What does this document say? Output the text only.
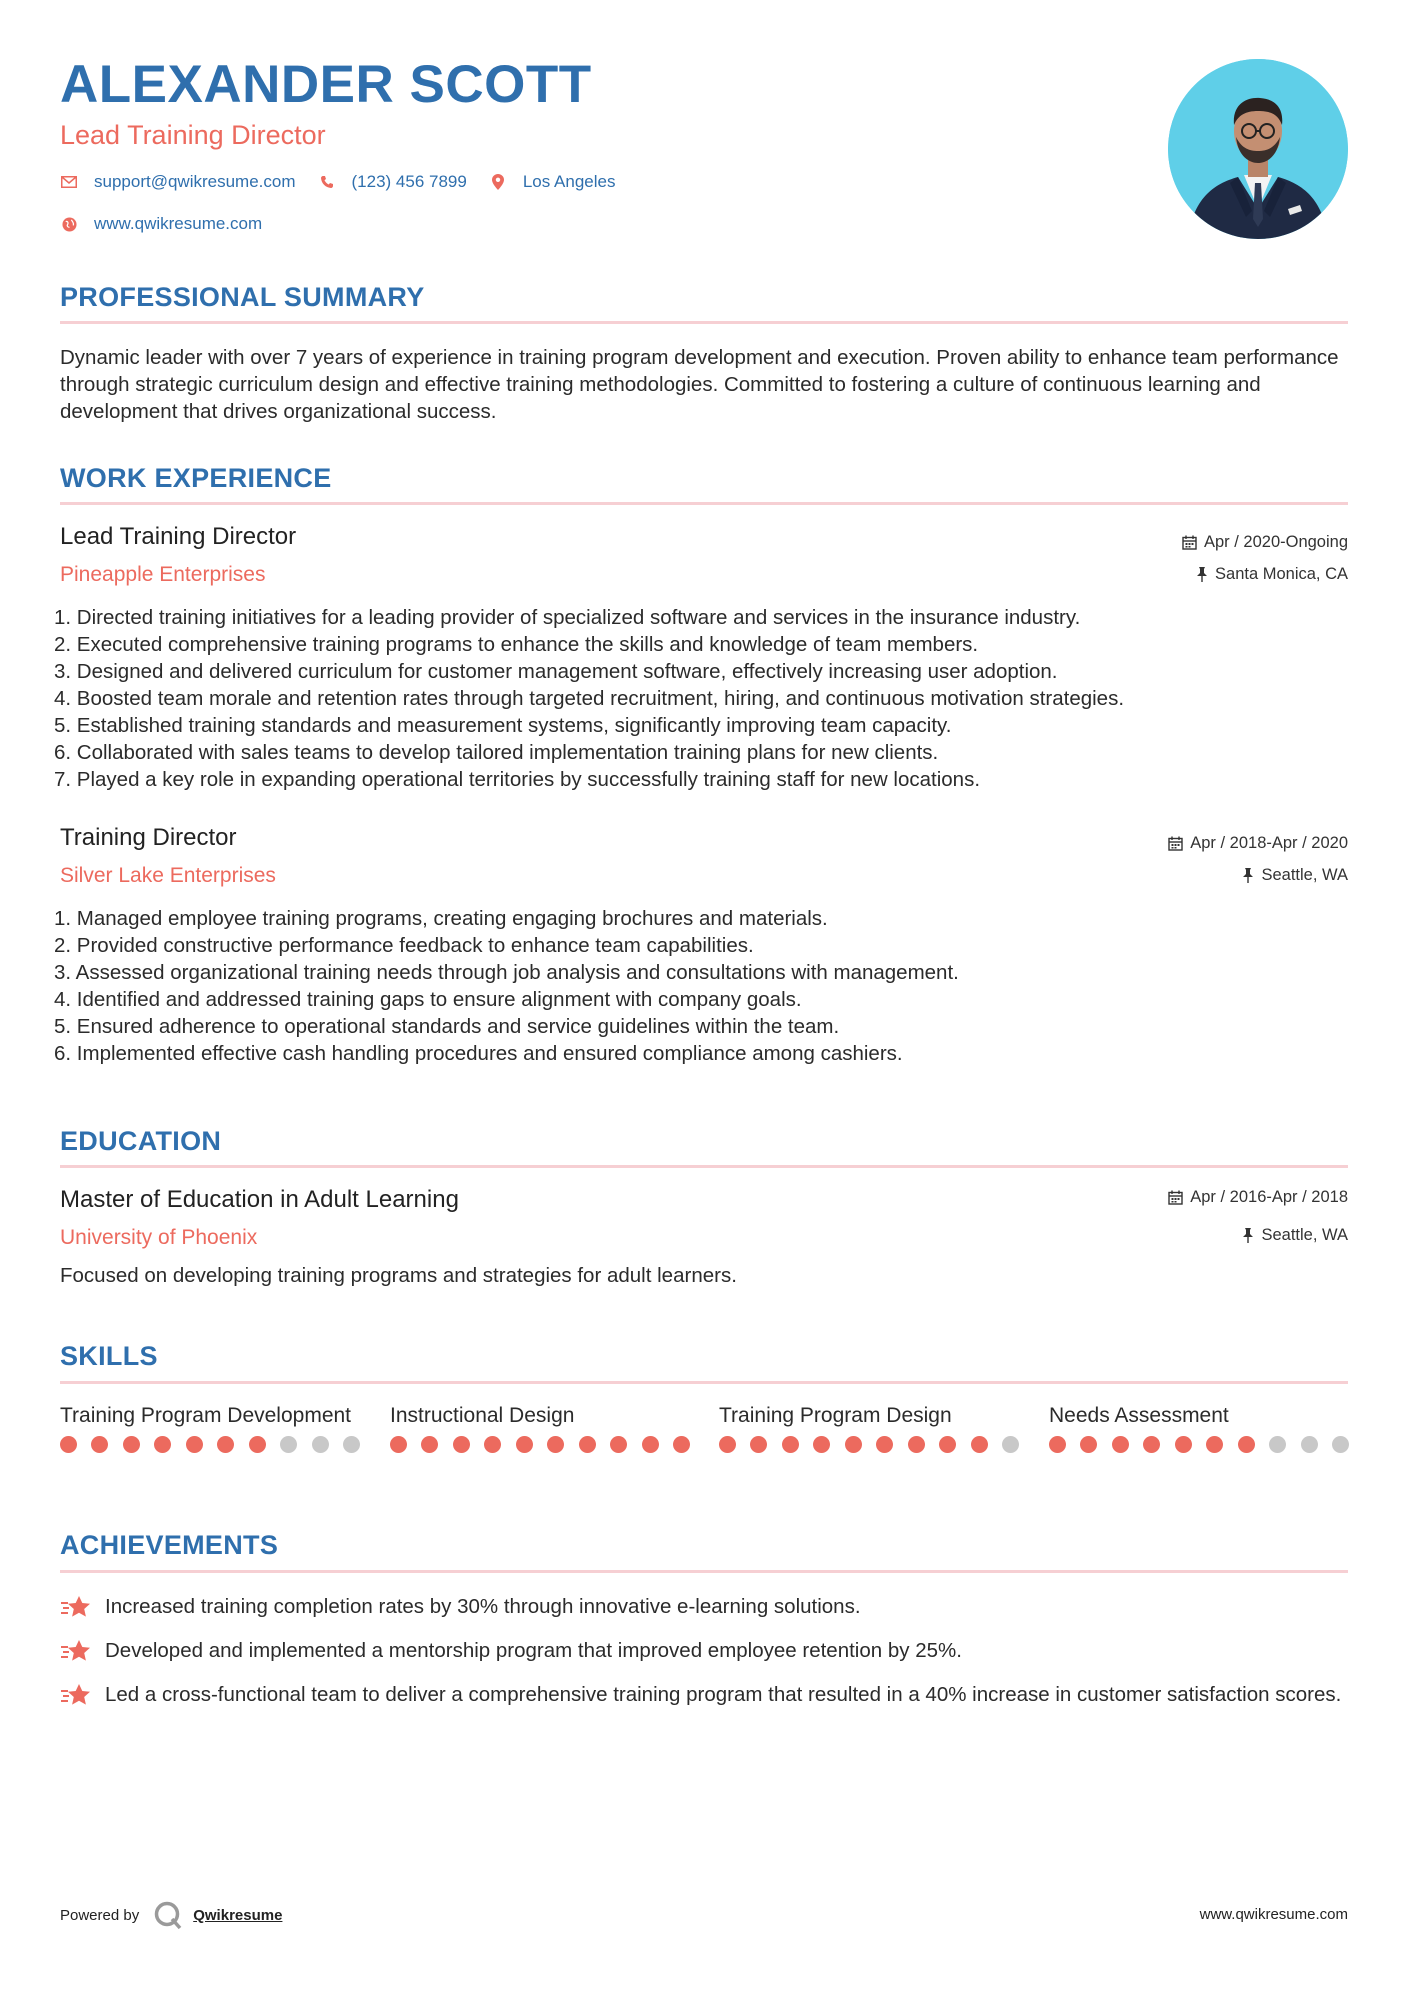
ALEXANDER SCOTT
Lead Training Director
support@qwikresume.com	(123) 456 7899	Los Angeles
www.qwikresume.com
PROFESSIONAL SUMMARY
Dynamic leader with over 7 years of experience in training program development and execution. Proven ability to enhance team performance through strategic curriculum design and effective training methodologies. Committed to fostering a culture of continuous learning and development that drives organizational success.
WORK EXPERIENCE
Lead Training Director
Pineapple Enterprises
Apr / 2020-Ongoing
Santa Monica, CA
1. Directed training initiatives for a leading provider of specialized software and services in the insurance industry.
2. Executed comprehensive training programs to enhance the skills and knowledge of team members.
3. Designed and delivered curriculum for customer management software, effectively increasing user adoption.
4. Boosted team morale and retention rates through targeted recruitment, hiring, and continuous motivation strategies.
5. Established training standards and measurement systems, significantly improving team capacity.
6. Collaborated with sales teams to develop tailored implementation training plans for new clients.
7. Played a key role in expanding operational territories by successfully training staff for new locations.
Training Director
Silver Lake Enterprises
Apr / 2018-Apr / 2020
Seattle, WA
1. Managed employee training programs, creating engaging brochures and materials.
2. Provided constructive performance feedback to enhance team capabilities.
3. Assessed organizational training needs through job analysis and consultations with management.
4. Identified and addressed training gaps to ensure alignment with company goals.
5. Ensured adherence to operational standards and service guidelines within the team.
6. Implemented effective cash handling procedures and ensured compliance among cashiers.
EDUCATION
Master of Education in Adult Learning
University of Phoenix
Apr / 2016-Apr / 2018
Seattle, WA
Focused on developing training programs and strategies for adult learners.
SKILLS
Training Program Development	Instructional Design	Training Program Design	Needs Assessment
ACHIEVEMENTS
Increased training completion rates by 30% through innovative e-learning solutions.
Developed and implemented a mentorship program that improved employee retention by 25%.
Led a cross-functional team to deliver a comprehensive training program that resulted in a 40% increase in customer satisfaction scores.
Powered by	Qwikresume	www.qwikresume.com
